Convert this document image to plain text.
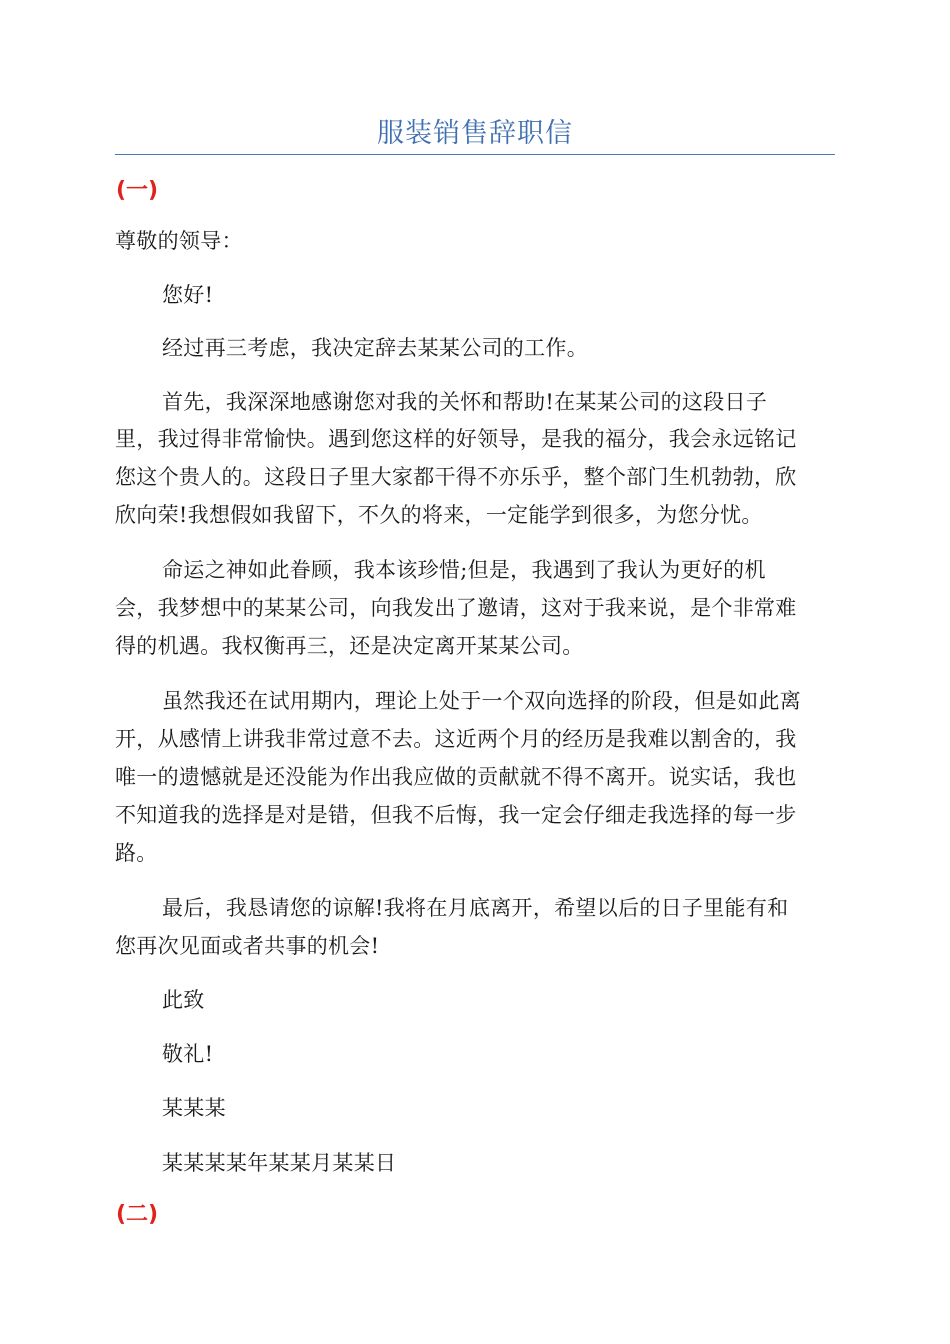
服装销售辞职信
(一)
尊敬的领导：
您好!
经过再三考虑，我决定辞去某某公司的工作。
首先，我深深地感谢您对我的关怀和帮助!在某某公司的这段日子
里，我过得非常愉快。遇到您这样的好领导，是我的福分，我会永远铭记
您这个贵人的。这段日子里大家都干得不亦乐乎，整个部门生机勃勃，欣
欣向荣!我想假如我留下，不久的将来，一定能学到很多，为您分忧。
命运之神如此眷顾，我本该珍惜;但是，我遇到了我认为更好的机
会，我梦想中的某某公司，向我发出了邀请，这对于我来说，是个非常难
得的机遇。我权衡再三，还是决定离开某某公司。
虽然我还在试用期内，理论上处于一个双向选择的阶段，但是如此离
开，从感情上讲我非常过意不去。这近两个月的经历是我难以割舍的，我
唯一的遗憾就是还没能为作出我应做的贡献就不得不离开。说实话，我也
不知道我的选择是对是错，但我不后悔，我一定会仔细走我选择的每一步
路。
最后，我恳请您的谅解!我将在月底离开，希望以后的日子里能有和
您再次见面或者共事的机会!
此致
敬礼!
某某某
某某某某年某某月某某日
(二)
